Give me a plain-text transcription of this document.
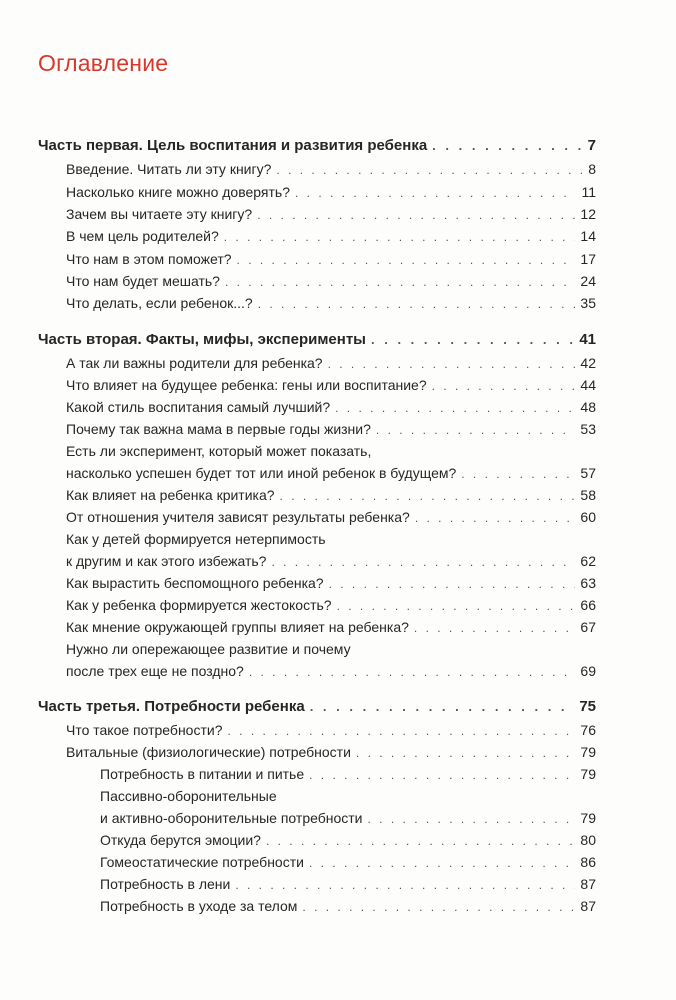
Оглавление
Часть первая. Цель воспитания и развития ребенка . . .	7
Введение. Читать ли эту книгу? . . .	8
Насколько книге можно доверять? . . .	11
Зачем вы читаете эту книгу? . . .	12
В чем цель родителей? . . .	14
Что нам в этом поможет? . . .	17
Что нам будет мешать? . . .	24
Что делать, если ребенок...? . . .	35
Часть вторая. Факты, мифы, эксперименты . . .	41
А так ли важны родители для ребенка? . . .	42
Что влияет на будущее ребенка: гены или воспитание? . . .	44
Какой стиль воспитания самый лучший? . . .	48
Почему так важна мама в первые годы жизни? . . .	53
Есть ли эксперимент, который может показать,
насколько успешен будет тот или иной ребенок в будущем? . . .	57
Как влияет на ребенка критика? . . .	58
От отношения учителя зависят результаты ребенка? . . .	60
Как у детей формируется нетерпимость
к другим и как этого избежать? . . .	62
Как вырастить беспомощного ребенка? . . .	63
Как у ребенка формируется жестокость? . . .	66
Как мнение окружающей группы влияет на ребенка? . . .	67
Нужно ли опережающее развитие и почему
после трех еще не поздно? . . .	69
Часть третья. Потребности ребенка . . .	75
Что такое потребности? . . .	76
Витальные (физиологические) потребности . . .	79
Потребность в питании и питье . . .	79
Пассивно-оборонительные
и активно-оборонительные потребности . . .	79
Откуда берутся эмоции? . . .	80
Гомеостатические потребности . . .	86
Потребность в лени . . .	87
Потребность в уходе за телом . . .	87
